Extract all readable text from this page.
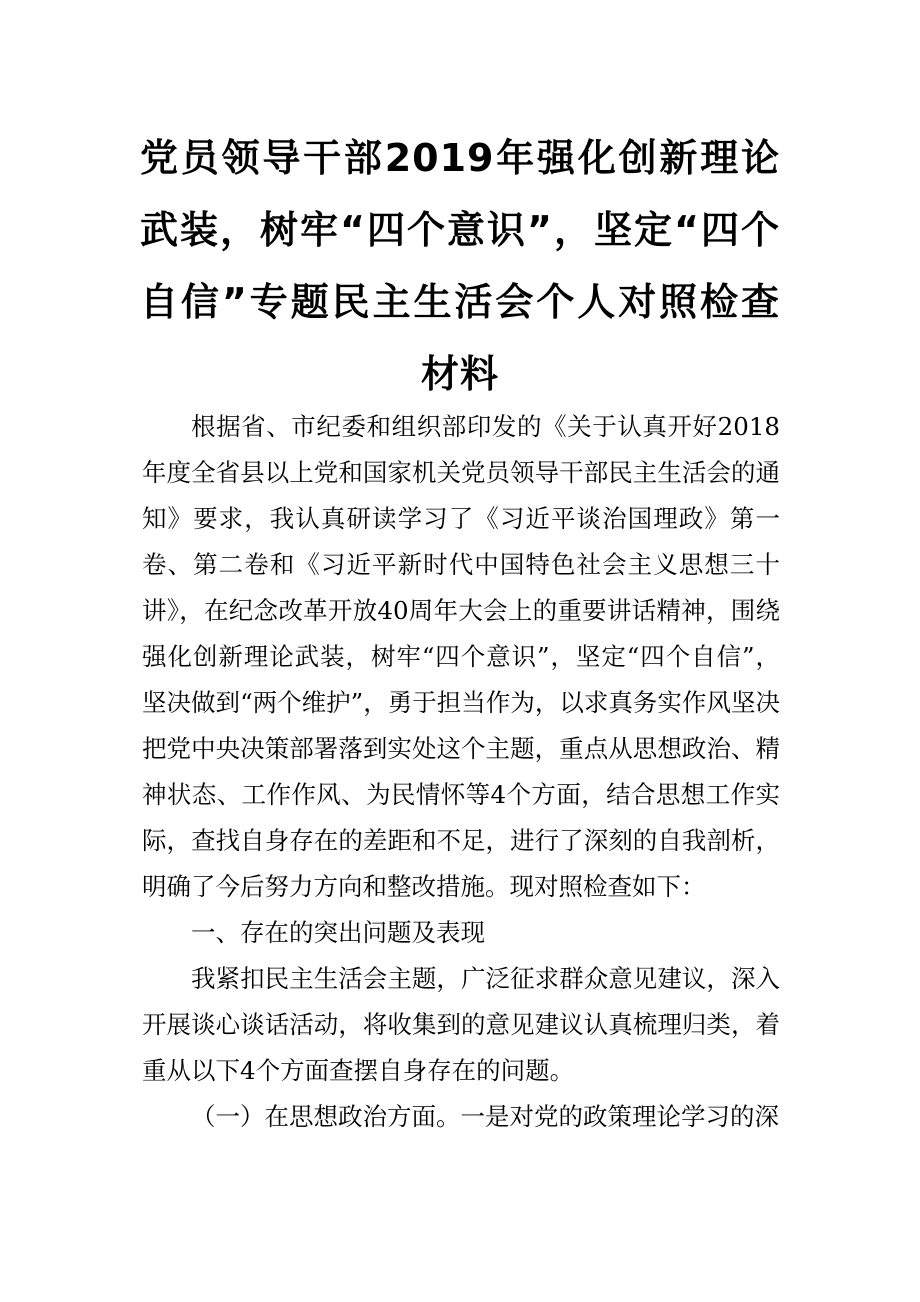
党员领导干部2019年强化创新理论武装，树牢“四个意识”，坚定“四个自信”专题民主生活会个人对照检查材料

根据省、市纪委和组织部印发的《关于认真开好2018年度全省县以上党和国家机关党员领导干部民主生活会的通知》要求，我认真研读学习了《习近平谈治国理政》第一卷、第二卷和《习近平新时代中国特色社会主义思想三十讲》，在纪念改革开放40周年大会上的重要讲话精神，围绕强化创新理论武装，树牢“四个意识”，坚定“四个自信”，坚决做到“两个维护”，勇于担当作为，以求真务实作风坚决把党中央决策部署落到实处这个主题，重点从思想政治、精神状态、工作作风、为民情怀等4个方面，结合思想工作实际，查找自身存在的差距和不足，进行了深刻的自我剖析，明确了今后努力方向和整改措施。现对照检查如下：

一、存在的突出问题及表现

我紧扣民主生活会主题，广泛征求群众意见建议，深入开展谈心谈话活动，将收集到的意见建议认真梳理归类，着重从以下4个方面查摆自身存在的问题。

（一）在思想政治方面。一是对党的政策理论学习的深
